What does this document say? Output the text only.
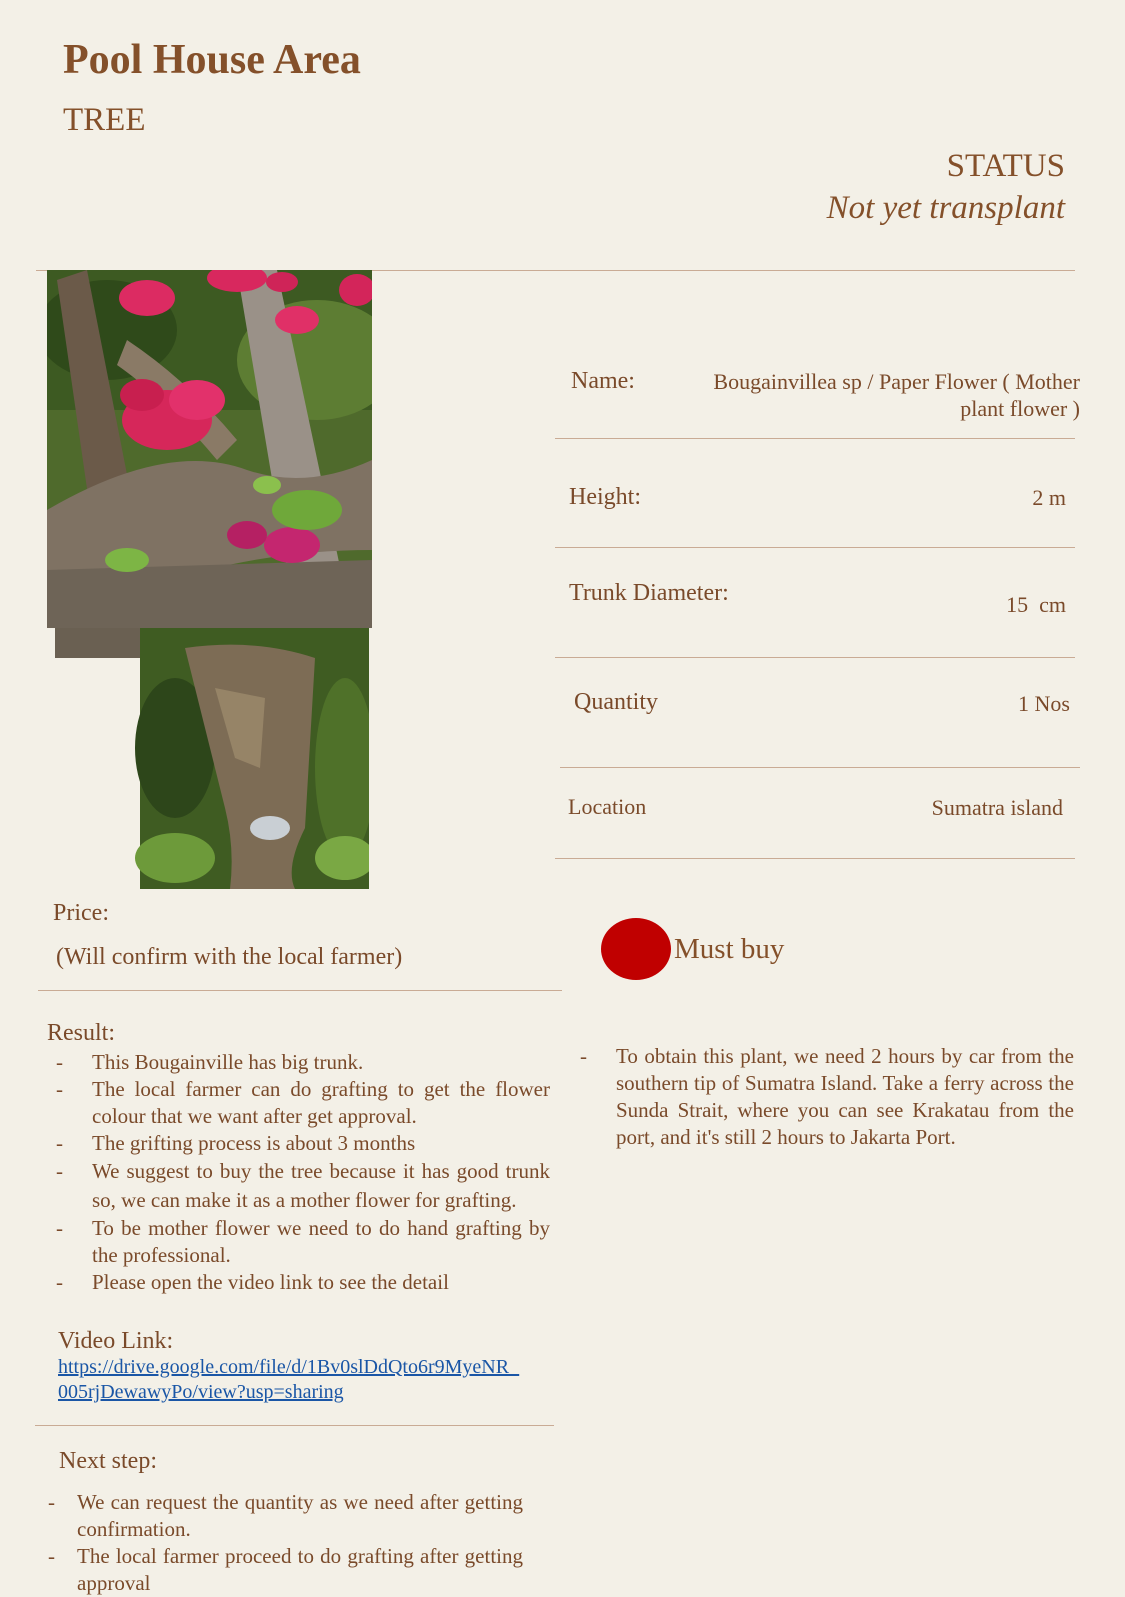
Pool House Area
TREE
STATUS
Not yet transplant
Name:	Bougainvillea sp / Paper Flower ( Mother plant flower )
Height:	2 m
Trunk Diameter:	15  cm
Quantity	1 Nos
Location	Sumatra island
Price:
(Will confirm with the local farmer)	Must buy
Result:
- This Bougainville has big trunk.
- The local farmer can do grafting to get the flower colour that we want after get approval.
- The grifting process is about 3 months
- We suggest to buy the tree because it has good trunk so, we can make it as a mother flower for grafting.
- To be mother flower we need to do hand grafting by the professional.
- Please open the video link to see the detail
Video Link:
https://drive.google.com/file/d/1Bv0slDdQto6r9MyeNR_005rjDewawyPo/view?usp=sharing
- To obtain this plant, we need 2 hours by car from the southern tip of Sumatra Island. Take a ferry across the Sunda Strait, where you can see Krakatau from the port, and it's still 2 hours to Jakarta Port.
Next step:
- We can request the quantity as we need after getting confirmation.
- The local farmer proceed to do grafting after getting approval
